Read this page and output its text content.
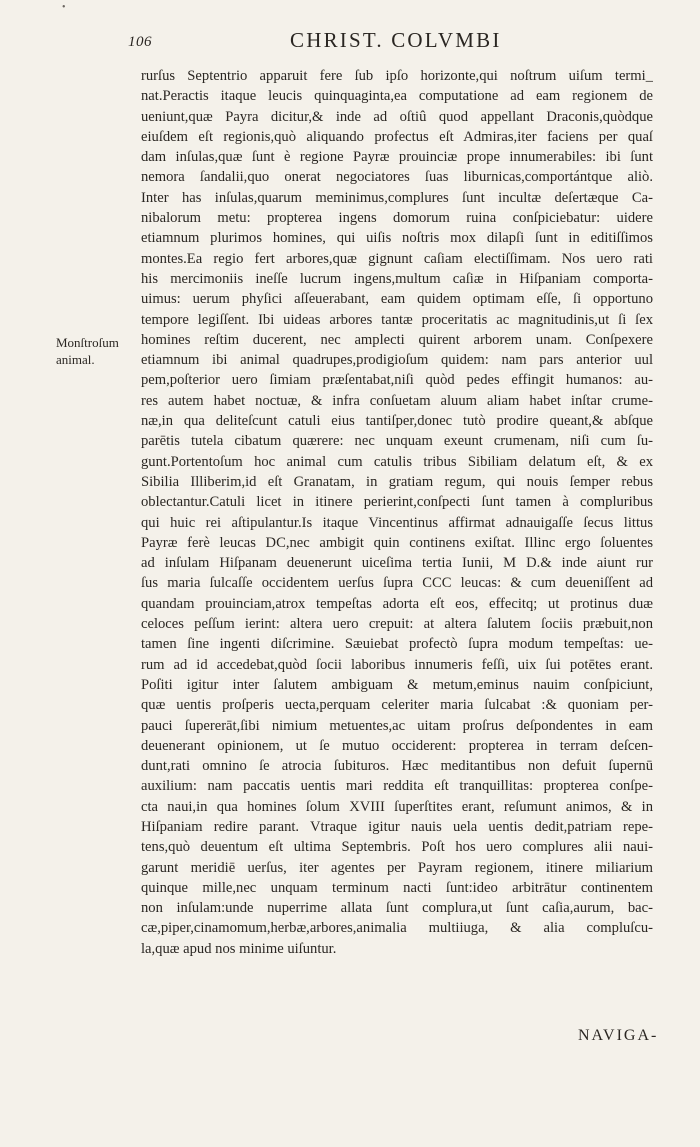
•
106	CHRIST. COLVMBI
Monſtroſum
animal.
rurſus Septentrio apparuit fere ſub ipſo horizonte,qui noſtrum uiſum termi_
nat.Peractis itaque leucis quinquaginta,ea computatione ad eam regionem de
ueniunt,quæ Payra dicitur,& inde ad oſtiû quod appellant Draconis,quòdque
eiuſdem eſt regionis,quò aliquando profectus eſt Admiras,iter faciens per quaſ
dam inſulas,quæ ſunt è regione Payræ prouinciæ prope innumerabiles: ibi ſunt
nemora ſandalii,quo onerat negociatores ſuas liburnicas,comportántque aliò.
Inter has inſulas,quarum meminimus,complures ſunt incultæ deſertæque Ca-
nibalorum metu: propterea ingens domorum ruina conſpiciebatur: uidere
etiamnum plurimos homines, qui uiſis noſtris mox dilapſi ſunt in editiſſimos
montes.Ea regio fert arbores,quæ gignunt caſiam electiſſimam. Nos uero rati
his mercimoniis ineſſe lucrum ingens,multum caſiæ in Hiſpaniam comporta-
uimus: uerum phyſici aſſeuerabant, eam quidem optimam eſſe, ſi opportuno
tempore legiſſent. Ibi uideas arbores tantæ proceritatis ac magnitudinis,ut ſi ſex
homines reſtim ducerent, nec amplecti quirent arborem unam. Conſpexere
etiamnum ibi animal quadrupes,prodigioſum quidem: nam pars anterior uul
pem,poſterior uero ſimiam præſentabat,niſi quòd pedes effingit humanos: au-
res autem habet noctuæ, & infra conſuetam aluum aliam habet inſtar crume-
næ,in qua deliteſcunt catuli eius tantiſper,donec tutò prodire queant,& abſque
parētis tutela cibatum quærere: nec unquam exeunt crumenam, niſi cum ſu-
gunt.Portentoſum hoc animal cum catulis tribus Sibiliam delatum eſt, & ex
Sibilia Illiberim,id eſt Granatam, in gratiam regum, qui nouis ſemper rebus
oblectantur.Catuli licet in itinere perierint,conſpecti ſunt tamen à compluribus
qui huic rei aſtipulantur.Is itaque Vincentinus affirmat adnauigaſſe ſecus littus
Payræ ferè leucas DC,nec ambigit quin continens exiſtat. Illinc ergo ſoluentes
ad inſulam Hiſpanam deuenerunt uiceſima tertia Iunii, M D.& inde aiunt rur
ſus maria ſulcaſſe occidentem uerſus ſupra CCC leucas: & cum deueniſſent ad
quandam prouinciam,atrox tempeſtas adorta eſt eos, effecitq; ut protinus duæ
celoces peſſum ierint: altera uero crepuit: at altera ſalutem ſociis præbuit,non
tamen ſine ingenti diſcrimine. Sæuiebat profectò ſupra modum tempeſtas: ue-
rum ad id accedebat,quòd ſocii laboribus innumeris feſſi, uix ſui potētes erant.
Poſiti igitur inter ſalutem ambiguam & metum,eminus nauim conſpiciunt,
quæ uentis proſperis uecta,perquam celeriter maria ſulcabat :& quoniam per-
pauci ſupererāt,ſibi nimium metuentes,ac uitam proſrus deſpondentes in eam
deuenerant opinionem, ut ſe mutuo occiderent: propterea in terram deſcen-
dunt,rati omnino ſe atrocia ſubituros. Hæc meditantibus non defuit ſupernū
auxilium: nam paccatis uentis mari reddita eſt tranquillitas: propterea conſpe-
cta naui,in qua homines ſolum XVIII ſuperſtites erant, reſumunt animos, & in
Hiſpaniam redire parant. Vtraque igitur nauis uela uentis dedit,patriam repe-
tens,quò deuentum eſt ultima Septembris. Poſt hos uero complures alii naui-
garunt meridiē uerſus, iter agentes per Payram regionem, itinere miliarium
quinque mille,nec unquam terminum nacti ſunt:ideo arbitrātur continentem
non inſulam:unde nuperrime allata ſunt complura,ut ſunt caſia,aurum, bac-
cæ,piper,cinamomum,herbæ,arbores,animalia multiiuga, & alia compluſcu-
la,quæ apud nos minime uiſuntur.
NAVIGA-
